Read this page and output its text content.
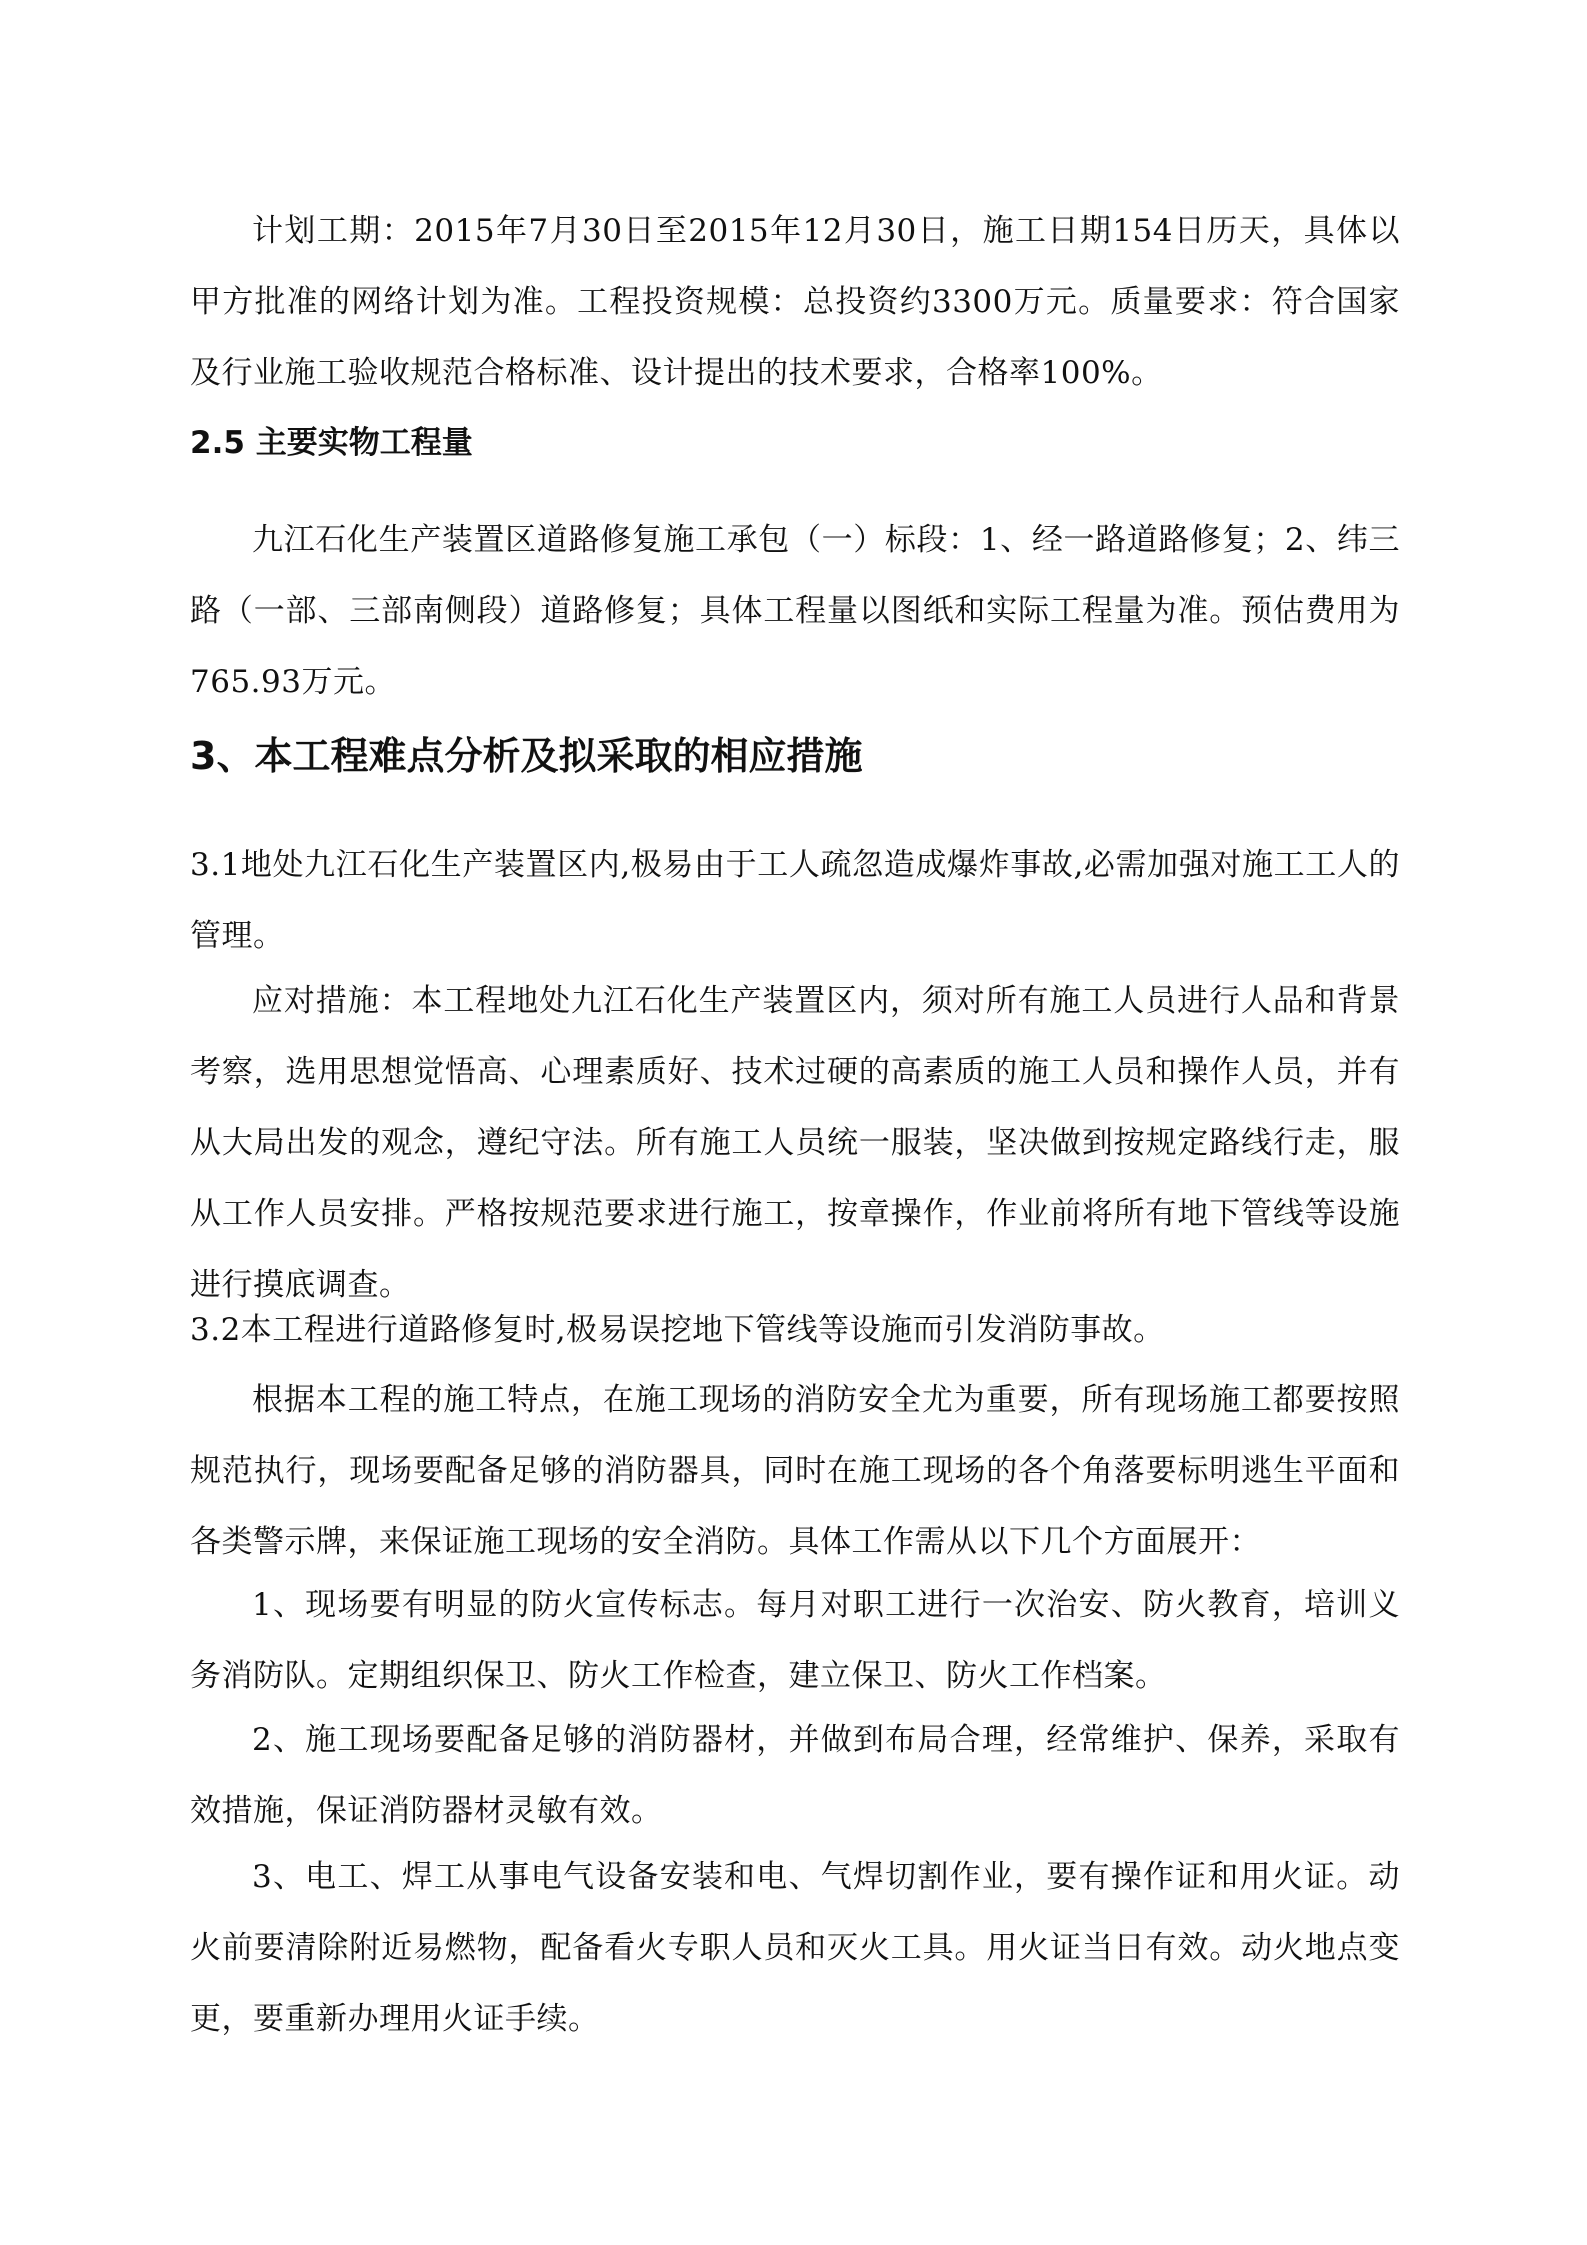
计划工期：2015年7月30日至2015年12月30日，施工日期154日历天，具体以甲方批准的网络计划为准。工程投资规模：总投资约3300万元。质量要求：符合国家及行业施工验收规范合格标准、设计提出的技术要求，合格率100%。

2.5 主要实物工程量

九江石化生产装置区道路修复施工承包（一）标段：1、经一路道路修复；2、纬三路（一部、三部南侧段）道路修复；具体工程量以图纸和实际工程量为准。预估费用为765.93万元。

3、本工程难点分析及拟采取的相应措施

3.1地处九江石化生产装置区内,极易由于工人疏忽造成爆炸事故,必需加强对施工工人的管理。

应对措施：本工程地处九江石化生产装置区内，须对所有施工人员进行人品和背景考察，选用思想觉悟高、心理素质好、技术过硬的高素质的施工人员和操作人员，并有从大局出发的观念，遵纪守法。所有施工人员统一服装，坚决做到按规定路线行走，服从工作人员安排。严格按规范要求进行施工，按章操作，作业前将所有地下管线等设施进行摸底调查。

3.2本工程进行道路修复时,极易误挖地下管线等设施而引发消防事故。

根据本工程的施工特点，在施工现场的消防安全尤为重要，所有现场施工都要按照规范执行，现场要配备足够的消防器具，同时在施工现场的各个角落要标明逃生平面和各类警示牌，来保证施工现场的安全消防。具体工作需从以下几个方面展开：

1、现场要有明显的防火宣传标志。每月对职工进行一次治安、防火教育，培训义务消防队。定期组织保卫、防火工作检查，建立保卫、防火工作档案。

2、施工现场要配备足够的消防器材，并做到布局合理，经常维护、保养，采取有效措施，保证消防器材灵敏有效。

3、电工、焊工从事电气设备安装和电、气焊切割作业，要有操作证和用火证。动火前要清除附近易燃物，配备看火专职人员和灭火工具。用火证当日有效。动火地点变更，要重新办理用火证手续。
